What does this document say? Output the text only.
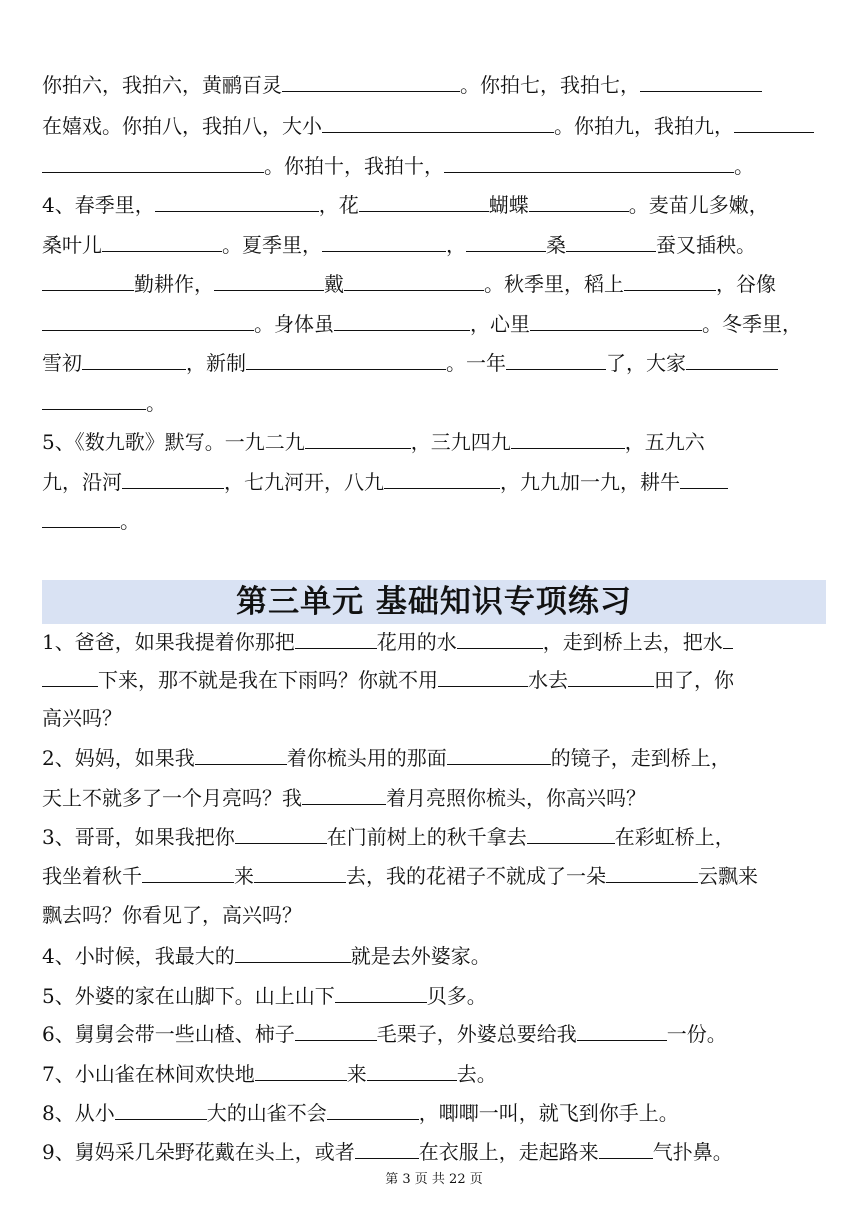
你拍六，我拍六，黄鹂百灵	。你拍七，我拍七，
在嬉戏。你拍八，我拍八，大小	。你拍九，我拍九，
。你拍十，我拍十，	。
4、春季里，	，花	蝴蝶	。麦苗儿多嫩，
桑叶儿	。夏季里，	，	桑	蚕又插秧。
勤耕作，	戴	。秋季里，稻上	，谷像
。身体虽	，心里	。冬季里，
雪初	，新制	。一年	了，大家
。
5、《数九歌》默写。一九二九	，三九四九	，五九六
九，沿河	，七九河开，八九	，九九加一九，耕牛
。
第三单元 基础知识专项练习
1、爸爸，如果我提着你那把	花用的水	，走到桥上去，把水
下来，那不就是我在下雨吗？你就不用	水去	田了，你
高兴吗？
2、妈妈，如果我	着你梳头用的那面	的镜子，走到桥上，
天上不就多了一个月亮吗？我	着月亮照你梳头，你高兴吗？
3、哥哥，如果我把你	在门前树上的秋千拿去	在彩虹桥上，
我坐着秋千	来	去，我的花裙子不就成了一朵	云飘来
飘去吗？你看见了，高兴吗？
4、小时候，我最大的	就是去外婆家。
5、外婆的家在山脚下。山上山下	贝多。
6、舅舅会带一些山楂、柿子	毛栗子，外婆总要给我	一份。
7、小山雀在林间欢快地	来	去。
8、从小	大的山雀不会	，唧唧一叫，就飞到你手上。
9、舅妈采几朵野花戴在头上，或者	在衣服上，走起路来	气扑鼻。
第 3 页 共 22 页
